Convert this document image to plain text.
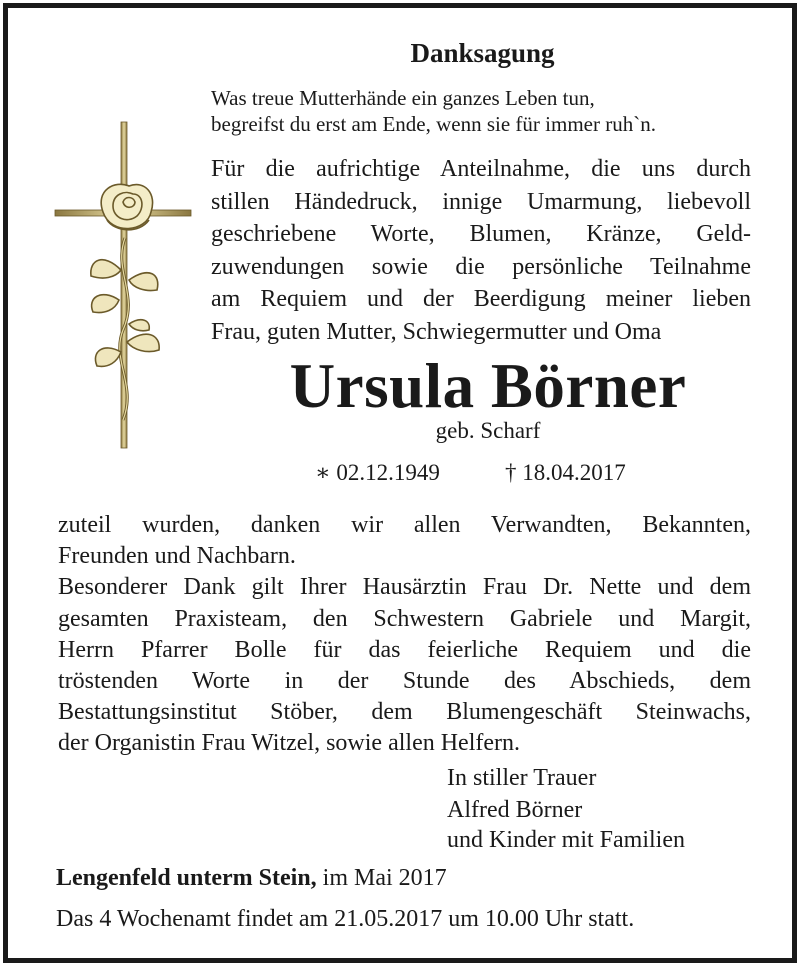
Danksagung
Was treue Mutterhände ein ganzes Leben tun,
begreifst du erst am Ende, wenn sie für immer ruh`n.
Für die aufrichtige Anteilnahme, die uns durch
stillen Händedruck, innige Umarmung, liebevoll
geschriebene Worte, Blumen, Kränze, Geld-
zuwendungen sowie die persönliche Teilnahme
am Requiem und der Beerdigung meiner lieben
Frau, guten Mutter, Schwiegermutter und Oma
Ursula Börner
geb. Scharf
∗ 02.12.1949	† 18.04.2017
zuteil wurden, danken wir allen Verwandten, Bekannten,
Freunden und Nachbarn.
Besonderer Dank gilt Ihrer Hausärztin Frau Dr. Nette und dem
gesamten Praxisteam, den Schwestern Gabriele und Margit,
Herrn Pfarrer Bolle für das feierliche Requiem und die
tröstenden Worte in der Stunde des Abschieds, dem
Bestattungsinstitut Stöber, dem Blumengeschäft Steinwachs,
der Organistin Frau Witzel, sowie allen Helfern.
In stiller Trauer
Alfred Börner
und Kinder mit Familien
Lengenfeld unterm Stein, im Mai 2017
Das 4 Wochenamt findet am 21.05.2017 um 10.00 Uhr statt.
